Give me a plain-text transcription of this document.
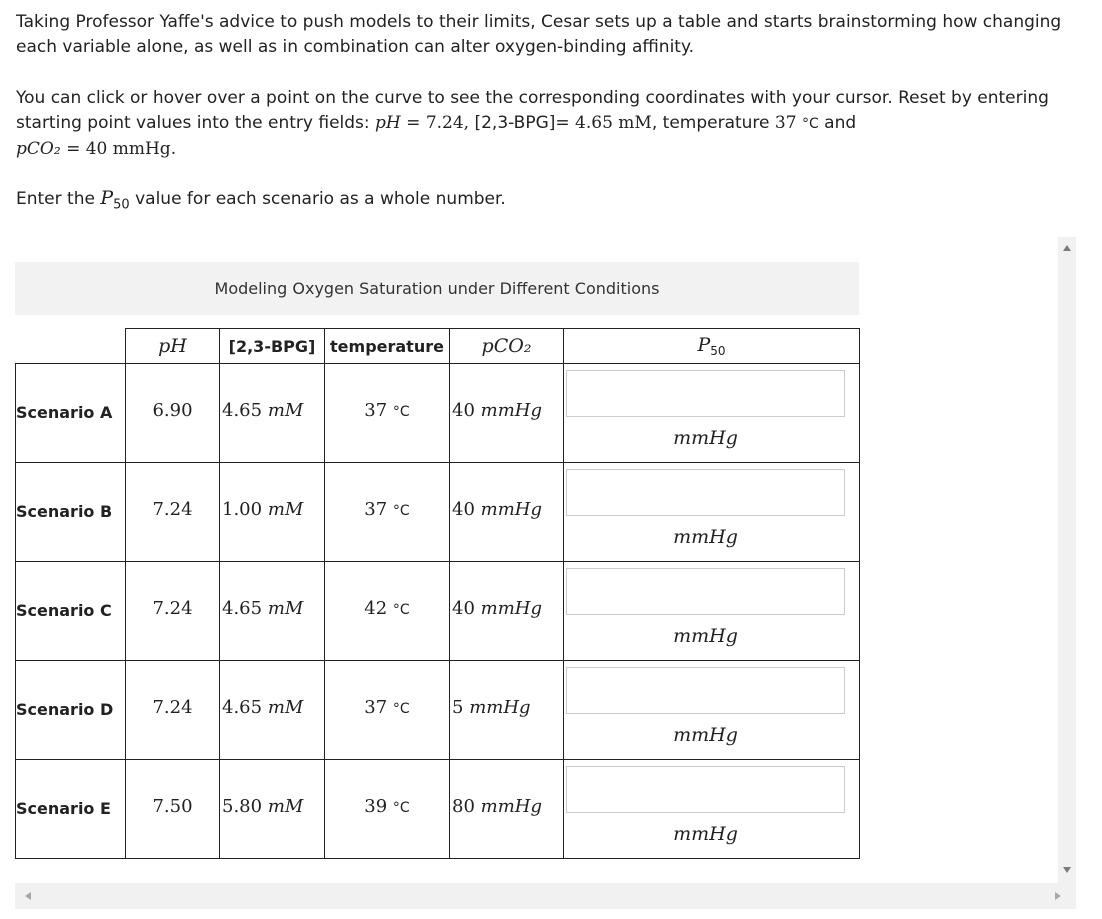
Taking Professor Yaffe's advice to push models to their limits, Cesar sets up a table and starts brainstorming how changing each variable alone, as well as in combination can alter oxygen-binding affinity.

You can click or hover over a point on the curve to see the corresponding coordinates with your cursor. Reset by entering starting point values into the entry fields: pH = 7.24, [2,3-BPG]= 4.65 mM, temperature 37 °C and
pCO₂ = 40 mmHg.

Enter the $P_{50}$ value for each scenario as a whole number.

Modeling Oxygen Saturation under Different Conditions
	pH	[2,3-BPG]	temperature	pCO₂	$P_{50}$
Scenario A	6.90	4.65 mM	37 °C	40 mmHg	mmHg

Scenario B	7.24	1.00 mM	37 °C	40 mmHg	mmHg

Scenario C	7.24	4.65 mM	42 °C	40 mmHg	mmHg

Scenario D	7.24	4.65 mM	37 °C	5 mmHg	mmHg

Scenario E	7.50	5.80 mM	39 °C	80 mmHg	mmHg
